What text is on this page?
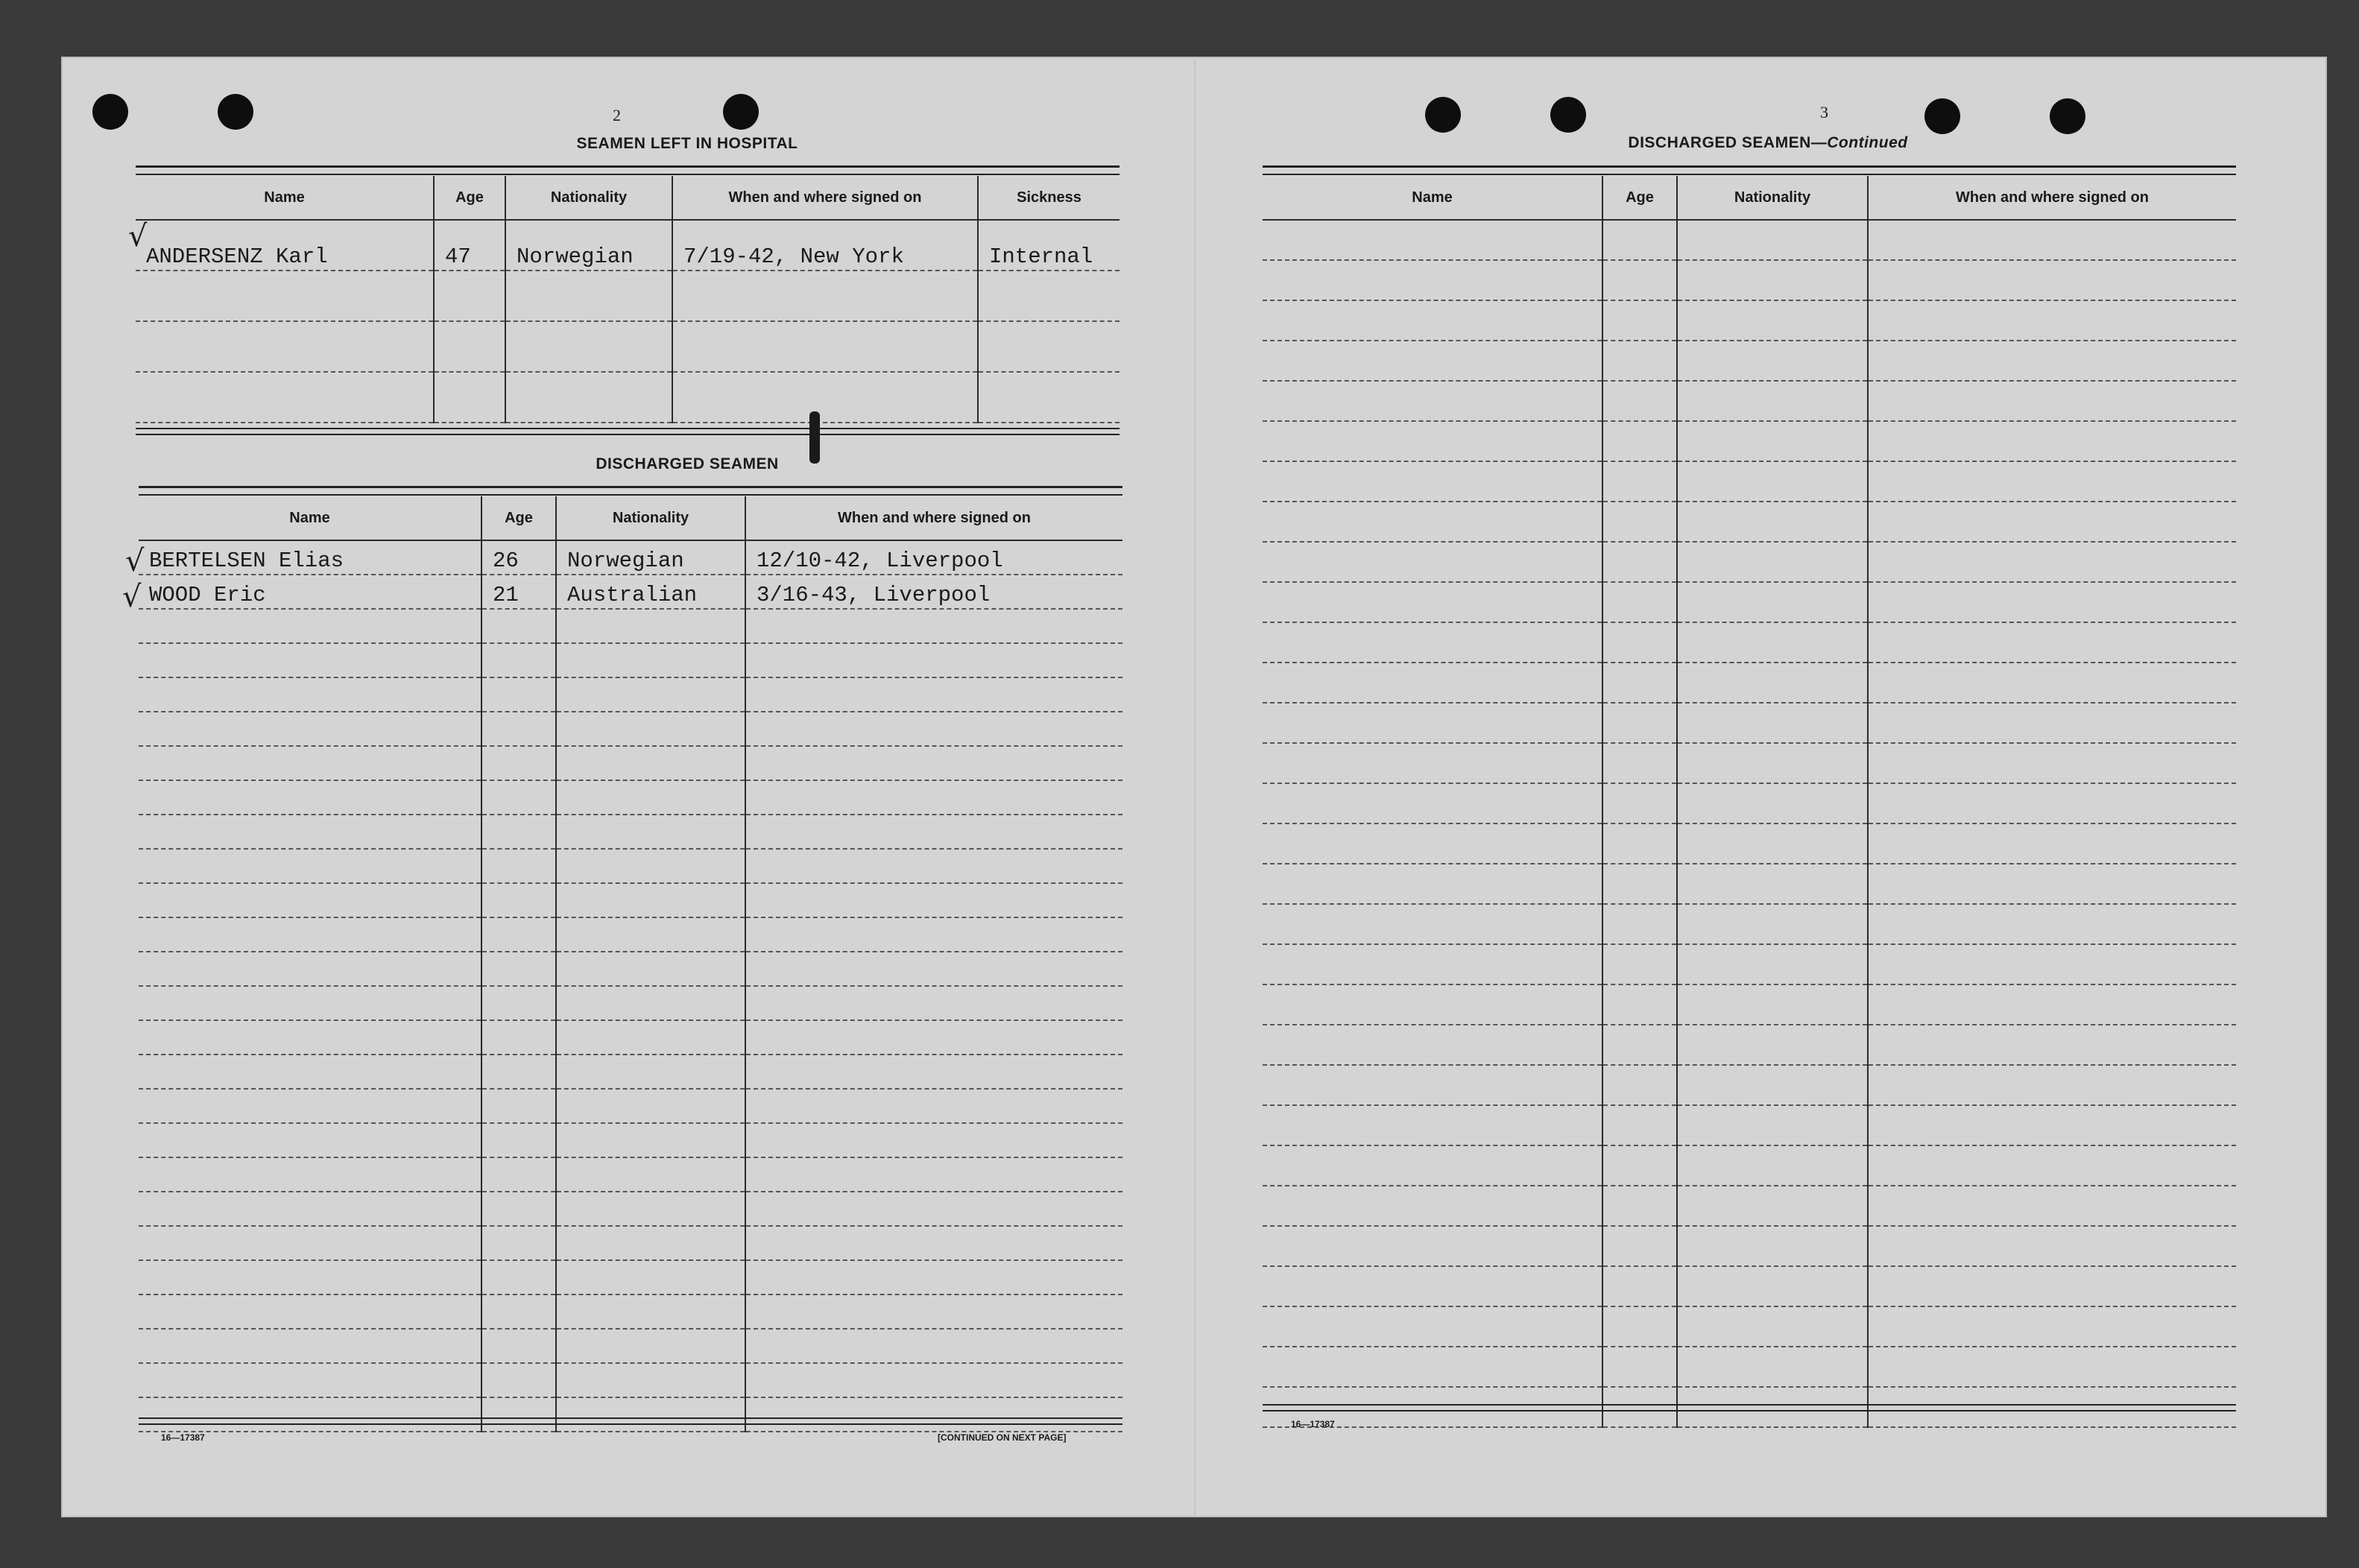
2
SEAMEN LEFT IN HOSPITAL
Name	Age	Nationality	When and where signed on	Sickness
ANDERSENZ Karl	47	Norwegian	7/19-42, New York	Internal

√
DISCHARGED SEAMEN
Name	Age	Nationality	When and where signed on
BERTELSEN Elias	26	Norwegian	12/10-42, Liverpool
WOOD Eric	21	Australian	3/16-43, Liverpool

√
√
16—17387	[CONTINUED ON NEXT PAGE]
3
DISCHARGED SEAMEN—Continued
Name	Age	Nationality	When and where signed on

16—17387
